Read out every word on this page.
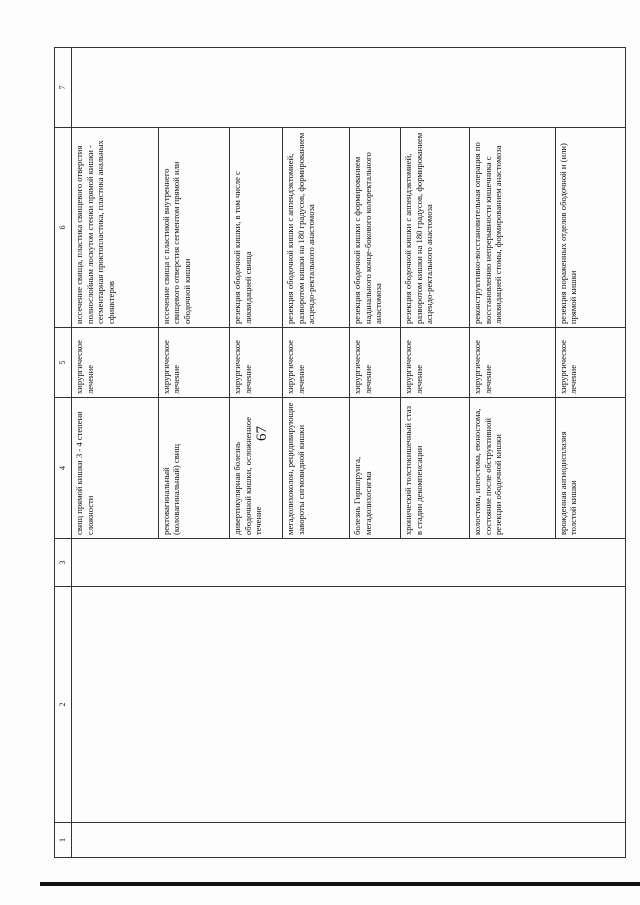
67
1	2	3	4	5	6	7
			свищ прямой кишки 3 - 4 степени сложности	хирургическое лечение	иссечение свища, пластика свищевого отверстия полнослойным лоскутом стенки прямой кишки - сегментарная проктопластика, пластика анальных сфинктеров	
			ректовагинальный (коловагинальный) свищ	хирургическое лечение	иссечение свища с пластикой внутреннего свищевого отверстия сегментом прямой или ободочной кишки	
			дивертикулярная болезнь ободочной кишки, осложненное течение	хирургическое лечение	резекция ободочной кишки, в том числе с ликвидацией свища	
			мегадолихоколон, рецидивирующие завороты сигмовидной кишки	хирургическое лечение	резекция ободочной кишки с аппендэктомией, разворотом кишки на 180 градусов, формированием асцендо-ректального анастомоза	
			болезнь Гиршпрунга, мегадолихосигма	хирургическое лечение	резекция ободочной кишки с формированием наданального конце-бокового колоректального анастомоза	
			хронический толстокишечный стаз в стадии декомпенсации	хирургическое лечение	резекция ободочной кишки с аппендэктомией, разворотом кишки на 180 градусов, формированием асцендо-ректального анастомоза	
			колостома, илеостома, еюностома, состояние после обструктивной резекции ободочной кишки	хирургическое лечение	реконструктивно-восстановительная операция по восстановлению непрерывности кишечника с ликвидацией стомы, формированием анастомоза	
			врожденная ангиодисплазия толстой кишки	хирургическое лечение	резекция пораженных отделов ободочной и (или) прямой кишки	
